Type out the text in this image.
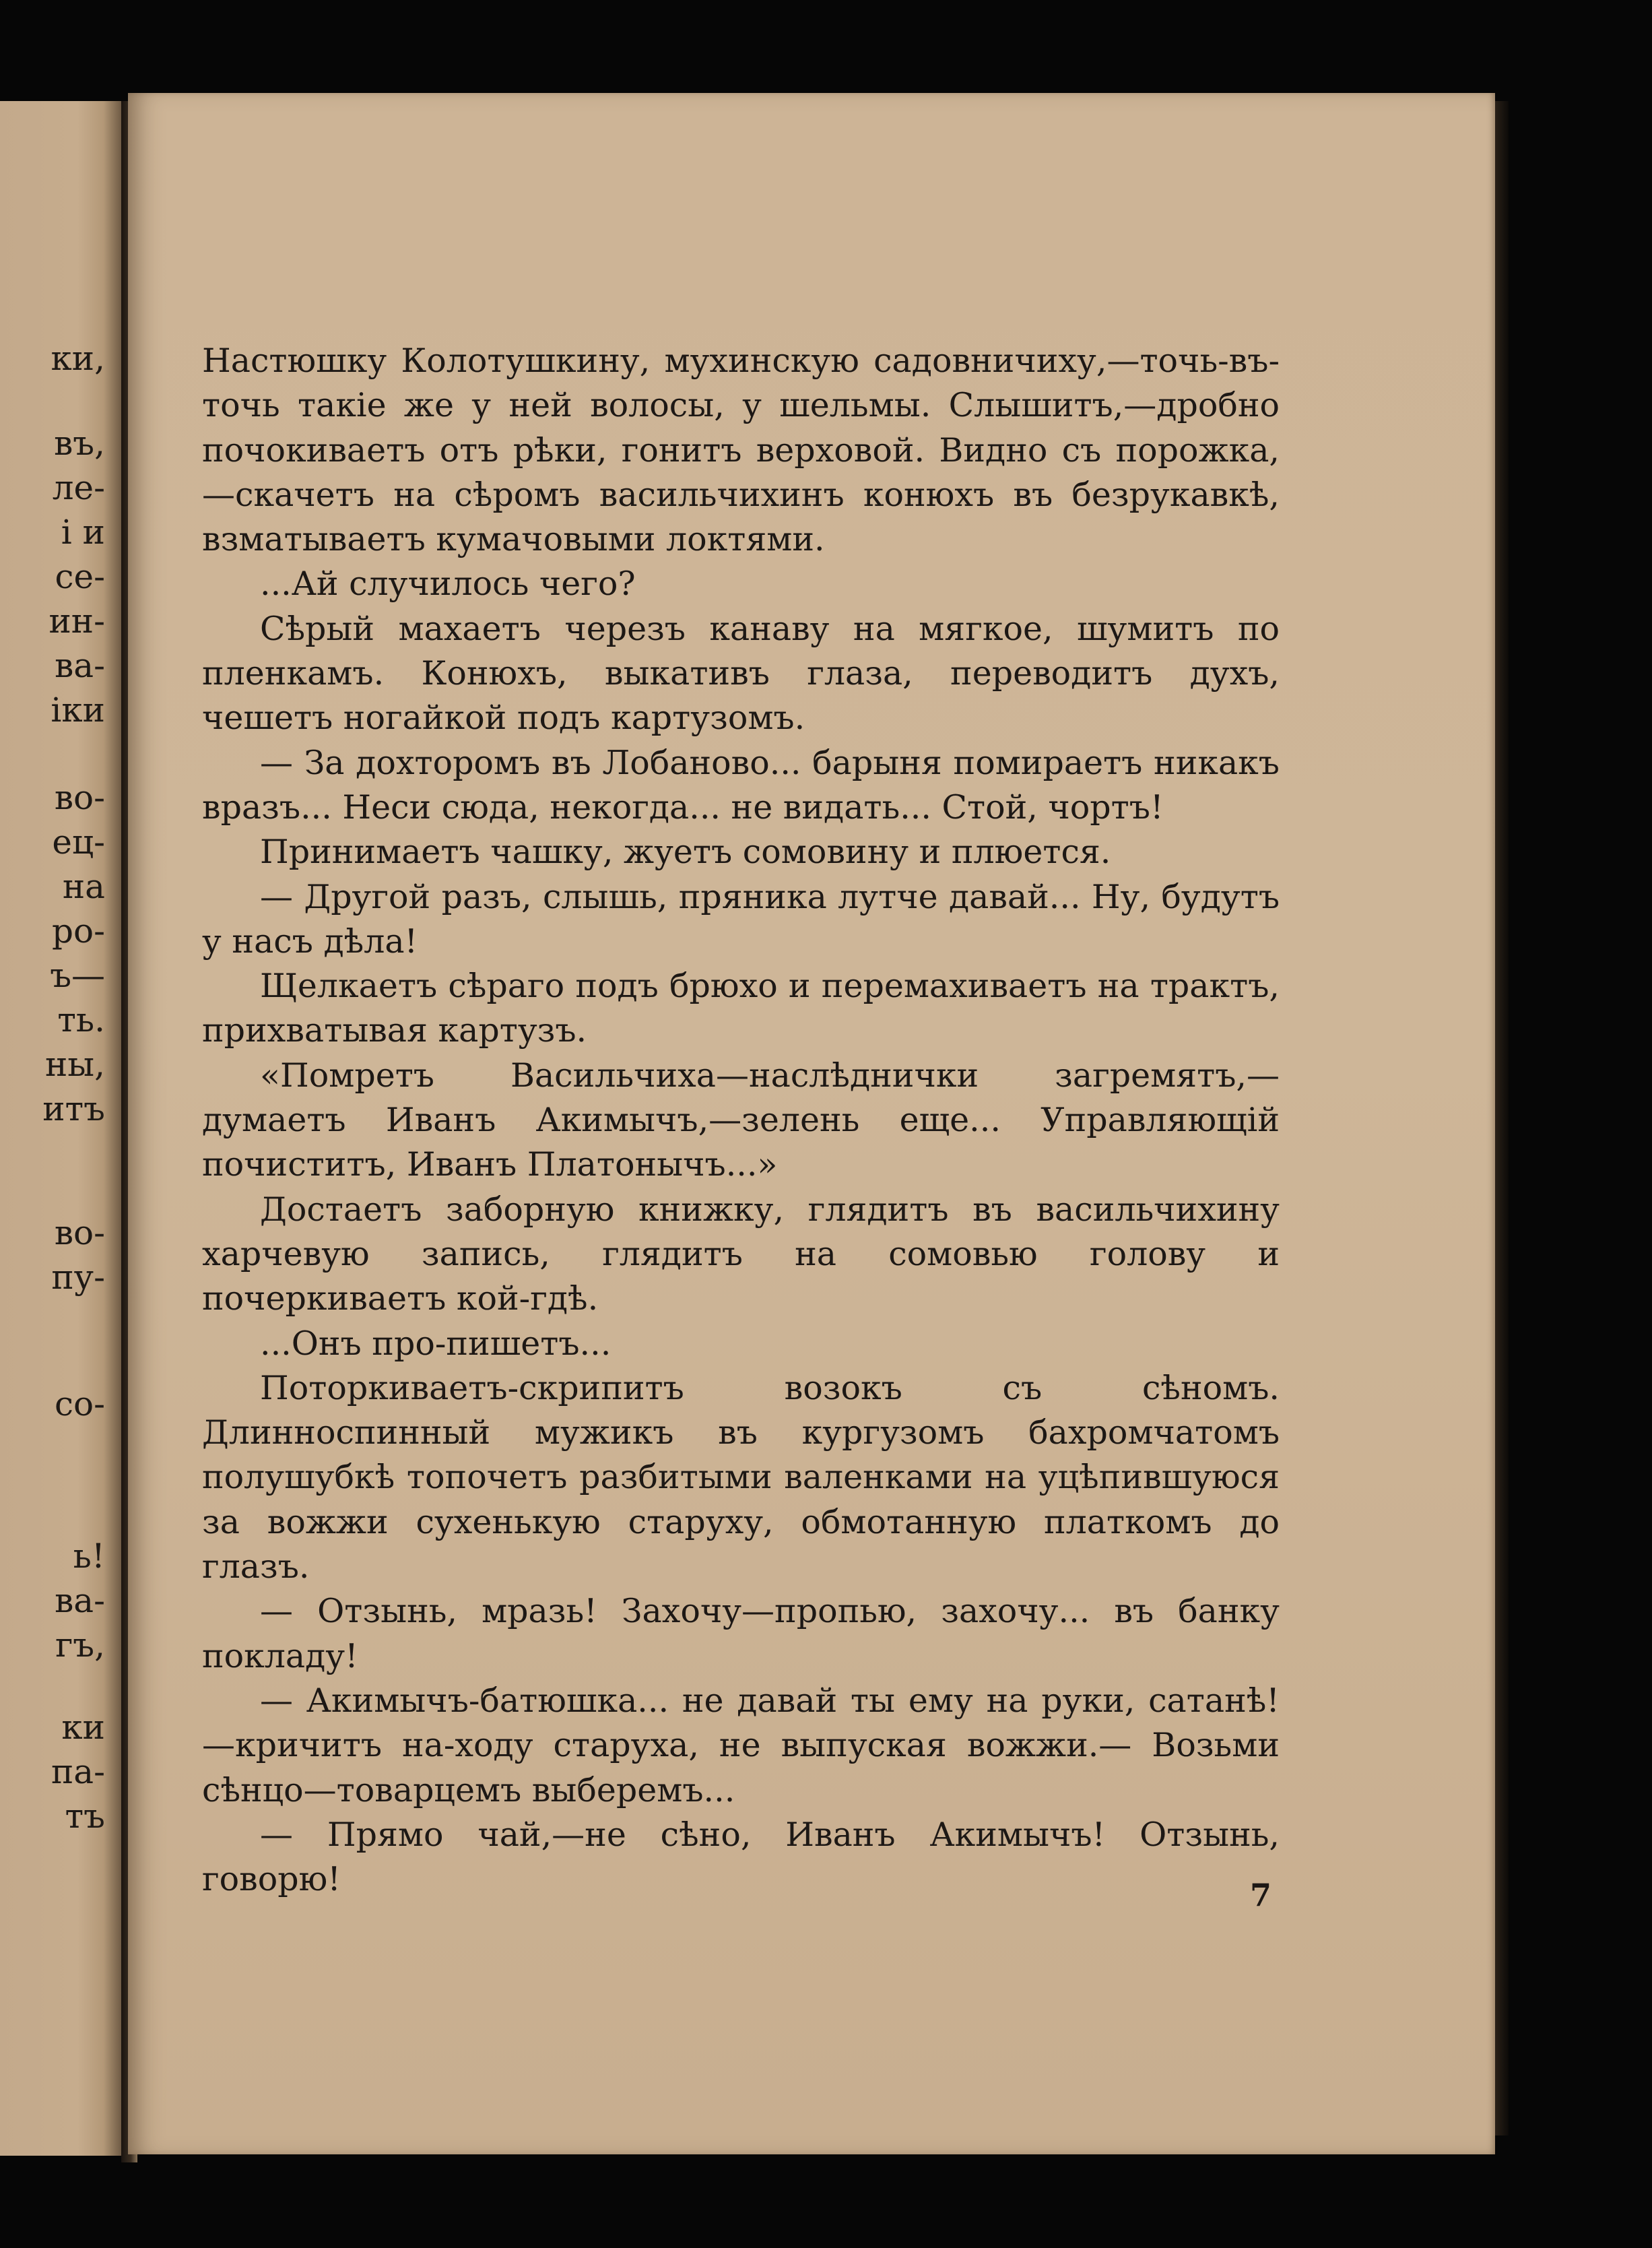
ки,
въ,
ле-
і и
се-
ин-
ва-
іки
во-
ец-
на
ро-
ъ—
ть.
ны,
итъ
во-
пу-
со-
ь!
ва-
гъ,
ки
па-
тъ

Настюшку Колотушкину, мухинскую садовничиху,—точь-въ-точь такіе же у ней волосы, у шельмы. Слышитъ,—дробно почокиваетъ отъ рѣки, гонитъ верховой. Видно съ порожка,—скачетъ на сѣромъ васильчихинъ конюхъ въ безрукавкѣ, взматываетъ кумачовыми локтями.

...Ай случилось чего?

Сѣрый махаетъ черезъ канаву на мягкое, шумитъ по пленкамъ. Конюхъ, выкативъ глаза, переводитъ духъ, чешетъ ногайкой подъ картузомъ.

— За дохторомъ въ Лобаново... барыня помираетъ никакъ вразъ... Неси сюда, некогда... не видать... Стой, чортъ!

Принимаетъ чашку, жуетъ сомовину и плюется.

— Другой разъ, слышь, пряника лутче давай... Ну, будутъ у насъ дѣла!

Щелкаетъ сѣраго подъ брюхо и перемахиваетъ на трактъ, прихватывая картузъ.

«Помретъ Васильчиха—наслѣднички загремятъ,— думаетъ Иванъ Акимычъ,—зелень еще... Управляющій почиститъ, Иванъ Платонычъ...»

Достаетъ заборную книжку, глядитъ въ васильчихину харчевую запись, глядитъ на сомовью голову и почеркиваетъ кой-гдѣ.

...Онъ про-пишетъ...

Поторкиваетъ-скрипитъ возокъ съ сѣномъ. Длинноспинный мужикъ въ кургузомъ бахромчатомъ полушубкѣ топочетъ разбитыми валенками на уцѣпившуюся за вожжи сухенькую старуху, обмотанную платкомъ до глазъ.

— Отзынь, мразь! Захочу—пропью, захочу... въ банку покладу!

— Акимычъ-батюшка... не давай ты ему на руки, сатанѣ!—кричитъ на-ходу старуха, не выпуская вожжи.— Возьми сѣнцо—товарцемъ выберемъ...

— Прямо чай,—не сѣно, Иванъ Акимычъ! Отзынь, говорю!	7
